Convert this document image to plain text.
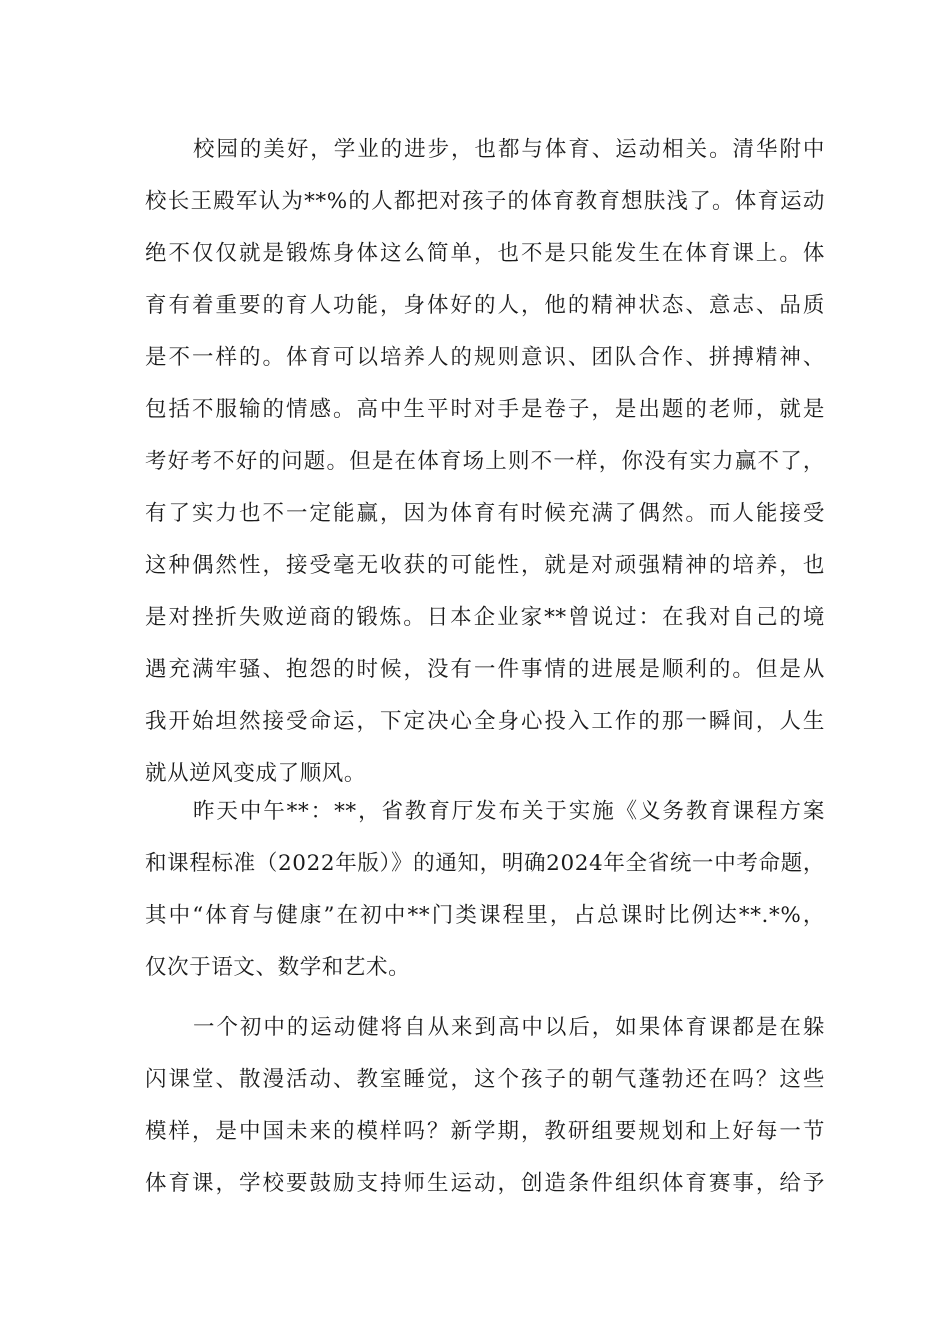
校园的美好，学业的进步，也都与体育、运动相关。清华附中
校长王殿军认为**%的人都把对孩子的体育教育想肤浅了。体育运动
绝不仅仅就是锻炼身体这么简单，也不是只能发生在体育课上。体
育有着重要的育人功能，身体好的人，他的精神状态、意志、品质
是不一样的。体育可以培养人的规则意识、团队合作、拼搏精神、
包括不服输的情感。高中生平时对手是卷子，是出题的老师，就是
考好考不好的问题。但是在体育场上则不一样，你没有实力赢不了，
有了实力也不一定能赢，因为体育有时候充满了偶然。而人能接受
这种偶然性，接受毫无收获的可能性，就是对顽强精神的培养，也
是对挫折失败逆商的锻炼。日本企业家**曾说过：在我对自己的境
遇充满牢骚、抱怨的时候，没有一件事情的进展是顺利的。但是从
我开始坦然接受命运，下定决心全身心投入工作的那一瞬间，人生
就从逆风变成了顺风。
昨天中午**：**，省教育厅发布关于实施《义务教育课程方案
和课程标准（2022年版）》的通知，明确2024年全省统一中考命题，
其中“体育与健康”在初中**门类课程里，占总课时比例达**.*%，
仅次于语文、数学和艺术。
一个初中的运动健将自从来到高中以后，如果体育课都是在躲
闪课堂、散漫活动、教室睡觉，这个孩子的朝气蓬勃还在吗？这些
模样，是中国未来的模样吗？新学期，教研组要规划和上好每一节
体育课，学校要鼓励支持师生运动，创造条件组织体育赛事，给予
